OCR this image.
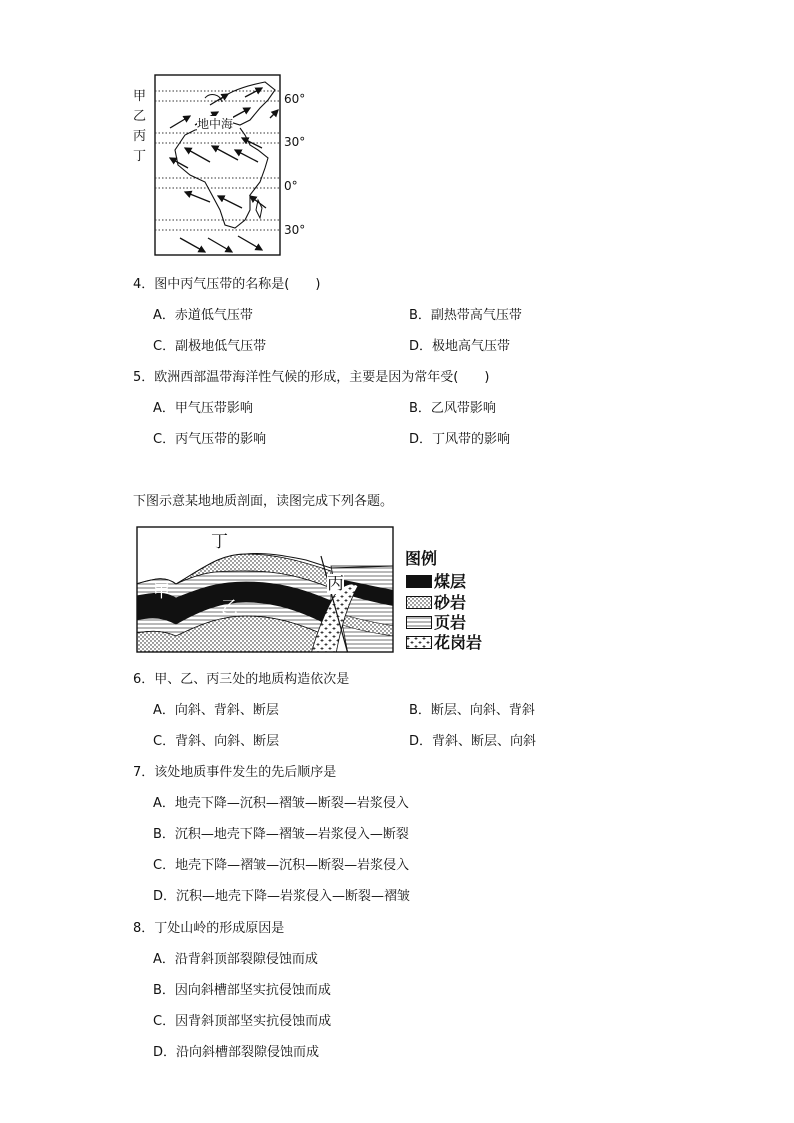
甲
乙
丙
丁
地中海
60°
30°
0°
30°
4．图中丙气压带的名称是(　　)
A．赤道低气压带	B．副热带高气压带
C．副极地低气压带	D．极地高气压带
5．欧洲西部温带海洋性气候的形成，主要是因为常年受(　　)
A．甲气压带影响	B．乙风带影响
C．丙气压带的影响	D．丁风带的影响
下图示意某地地质剖面，读图完成下列各题。
丁
甲
乙
丙
图例
煤层
砂岩
页岩
花岗岩
6．甲、乙、丙三处的地质构造依次是
A．向斜、背斜、断层	B．断层、向斜、背斜
C．背斜、向斜、断层	D．背斜、断层、向斜
7．该处地质事件发生的先后顺序是
A．地壳下降—沉积—褶皱—断裂—岩浆侵入
B．沉积—地壳下降—褶皱—岩浆侵入—断裂
C．地壳下降—褶皱—沉积—断裂—岩浆侵入
D．沉积—地壳下降—岩浆侵入—断裂—褶皱
8．丁处山岭的形成原因是
A．沿背斜顶部裂隙侵蚀而成
B．因向斜槽部坚实抗侵蚀而成
C．因背斜顶部坚实抗侵蚀而成
D．沿向斜槽部裂隙侵蚀而成
